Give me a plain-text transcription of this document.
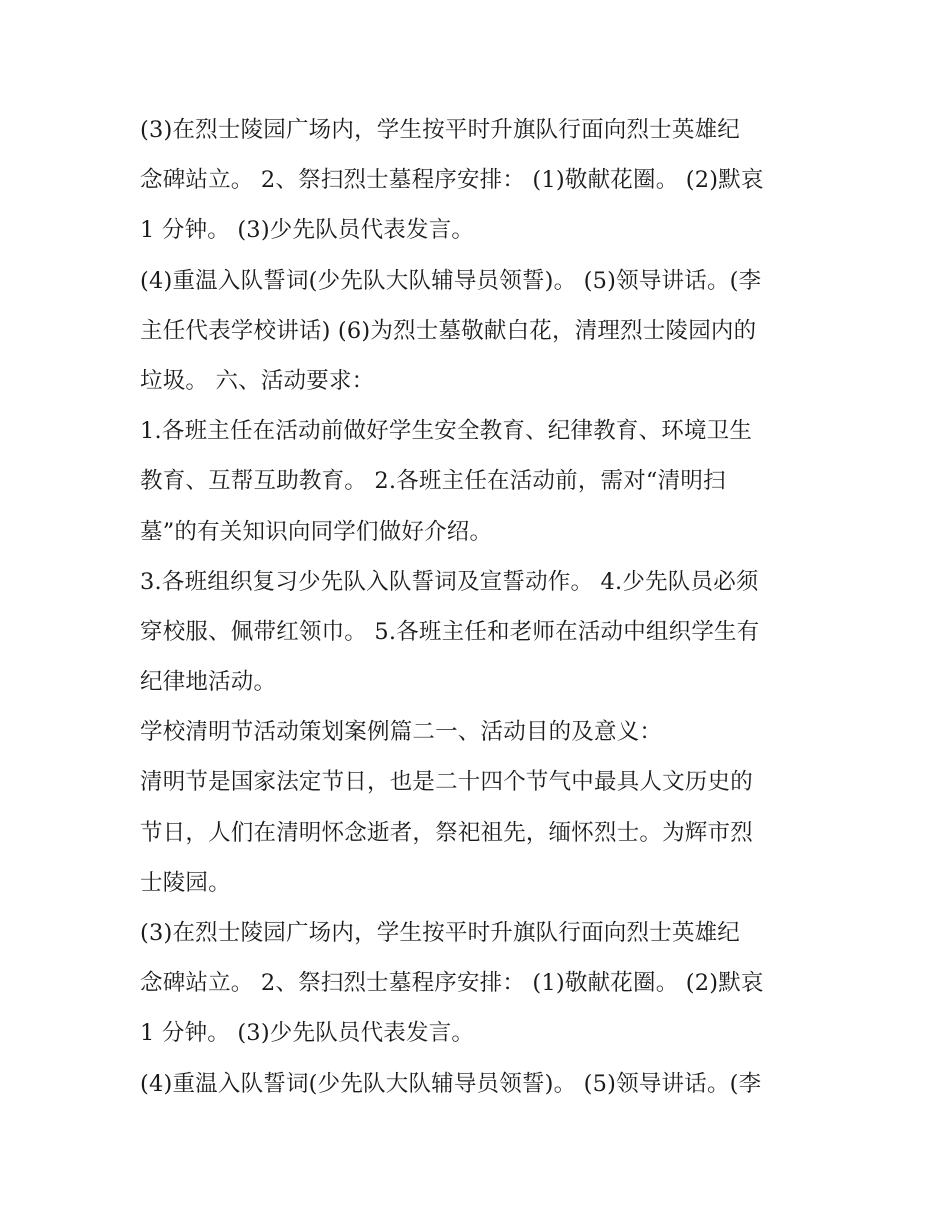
(3)在烈士陵园广场内，学生按平时升旗队行面向烈士英雄纪
念碑站立。 2、祭扫烈士墓程序安排： (1)敬献花圈。 (2)默哀
1 分钟。 (3)少先队员代表发言。
(4)重温入队誓词(少先队大队辅导员领誓)。 (5)领导讲话。(李
主任代表学校讲话) (6)为烈士墓敬献白花，清理烈士陵园内的
垃圾。 六、活动要求：
1.各班主任在活动前做好学生安全教育、纪律教育、环境卫生
教育、互帮互助教育。 2.各班主任在活动前，需对“清明扫
墓”的有关知识向同学们做好介绍。
3.各班组织复习少先队入队誓词及宣誓动作。 4.少先队员必须
穿校服、佩带红领巾。 5.各班主任和老师在活动中组织学生有
纪律地活动。
学校清明节活动策划案例篇二一、活动目的及意义：
清明节是国家法定节日，也是二十四个节气中最具人文历史的
节日，人们在清明怀念逝者，祭祀祖先，缅怀烈士。为辉市烈
士陵园。
(3)在烈士陵园广场内，学生按平时升旗队行面向烈士英雄纪
念碑站立。 2、祭扫烈士墓程序安排： (1)敬献花圈。 (2)默哀
1 分钟。 (3)少先队员代表发言。
(4)重温入队誓词(少先队大队辅导员领誓)。 (5)领导讲话。(李
